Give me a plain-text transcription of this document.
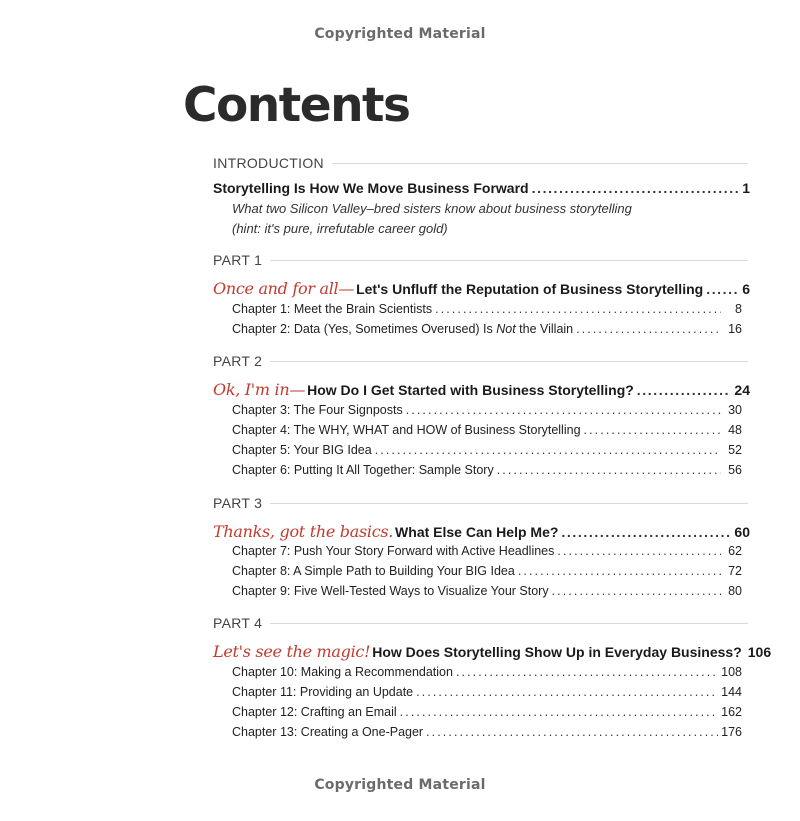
Copyrighted Material
Contents
INTRODUCTION
Storytelling Is How We Move Business Forward .....	1
What two Silicon Valley–bred sisters know about business storytelling
(hint: it's pure, irrefutable career gold)
PART 1
Once and for all— Let's Unfluff the Reputation of Business Storytelling .....	6
Chapter 1: Meet the Brain Scientists .....	8
Chapter 2: Data (Yes, Sometimes Overused) Is Not the Villain .....	16
PART 2
Ok, I'm in— How Do I Get Started with Business Storytelling? .....	24
Chapter 3: The Four Signposts .....	30
Chapter 4: The WHY, WHAT and HOW of Business Storytelling .....	48
Chapter 5: Your BIG Idea .....	52
Chapter 6: Putting It All Together: Sample Story .....	56
PART 3
Thanks, got the basics. What Else Can Help Me? .....	60
Chapter 7: Push Your Story Forward with Active Headlines .....	62
Chapter 8: A Simple Path to Building Your BIG Idea .....	72
Chapter 9: Five Well-Tested Ways to Visualize Your Story .....	80
PART 4
Let's see the magic! How Does Storytelling Show Up in Everyday Business? 106
Chapter 10: Making a Recommendation .....	108
Chapter 11: Providing an Update .....	144
Chapter 12: Crafting an Email .....	162
Chapter 13: Creating a One-Pager .....	176
Copyrighted Material
